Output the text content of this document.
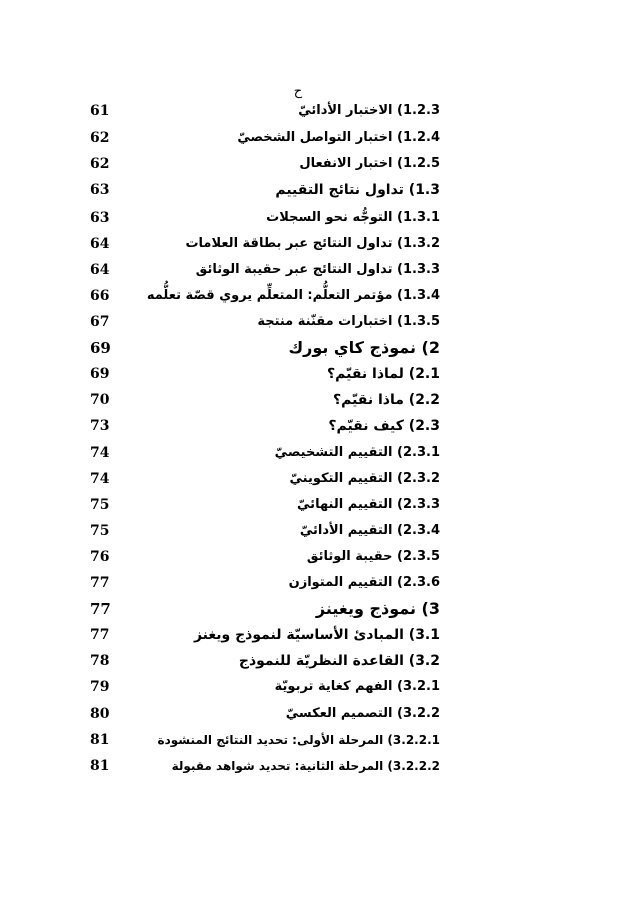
ح
61	1.2.3) الاختبار الأدائيّ
62	1.2.4) اختبار التواصل الشخصيّ
62	1.2.5) اختبار الانفعال
63	1.3) تداول نتائج التقييم
63	1.3.1) التوجُّه نحو السجلات
64	1.3.2) تداول النتائج عبر بطاقة العلامات
64	1.3.3) تداول النتائج عبر حقيبة الوثائق
66	1.3.4) مؤتمر التعلُّم: المتعلِّم يروي قصّة تعلُّمه
67	1.3.5) اختبارات مقنّنة منتجة
69	2) نموذج كاي بورك
69	2.1) لماذا نقيّم؟
70	2.2) ماذا نقيّم؟
73	2.3) كيف نقيّم؟
74	2.3.1) التقييم التشخيصيّ
74	2.3.2) التقييم التكوينيّ
75	2.3.3) التقييم النهائيّ
75	2.3.4) التقييم الأدائيّ
76	2.3.5) حقيبة الوثائق
77	2.3.6) التقييم المتوازن
77	3) نموذج ويغينز
77	3.1) المبادئ الأساسيّة لنموذج ويغنز
78	3.2) القاعدة النظريّة للنموذج
79	3.2.1) الفهم كغاية تربويّة
80	3.2.2) التصميم العكسيّ
81	3.2.2.1) المرحلة الأولى: تحديد النتائج المنشودة
81	3.2.2.2) المرحلة الثانية: تحديد شواهد مقبولة
